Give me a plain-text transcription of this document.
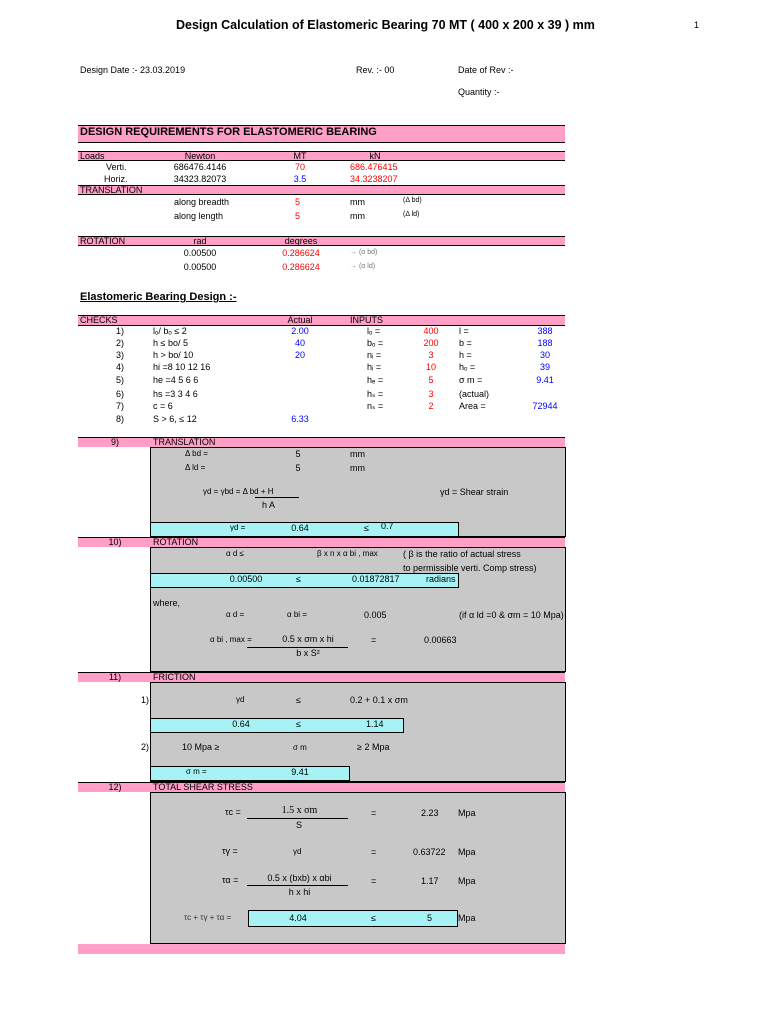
Design Calculation of Elastomeric Bearing 70 MT ( 400 x 200 x 39 ) mm	1
Design Date :- 23.03.2019	Rev. :- 00	Date of Rev :-
Quantity :-
DESIGN REQUIREMENTS FOR ELASTOMERIC BEARING
Loads	Newton	MT	kN
Verti.	686476.4146	70	686.476415
Horiz.	34323.82073	3.5	34.3238207
TRANSLATION
along breadth	5	mm	(Δ bd)
along length	5	mm	(Δ ld)
ROTATION	rad	degrees
0.00500	0.286624	→ (α bd)
0.00500	0.286624	→ (α ld)
Elastomeric Bearing Design :-
CHECKS	Actual	INPUTS
1)	lₒ/ bₒ ≤ 2	2.00	lₒ =	400	l =	388
2)	h ≤ bo/ 5	40	bₒ =	200	b =	188
3)	h > bo/ 10	20	nᵢ =	3	h =	30
4)	hi =8 10 12 16	hᵢ =	10	hₒ =	39
5)	he =4 5 6 6	hₑ =	5	σ m =	9.41
6)	hs =3 3 4 6	hₛ =	3	(actual)
7)	c = 6	nₛ =	2	Area =	72944
8)	S > 6, ≤ 12	6.33
9)	TRANSLATION
Δ bd =	5	mm
Δ ld =	5	mm
γd = γbd = Δ bd + H
h A
γd = Shear strain
γd =	0.64	≤ 0.7
10)	ROTATION
α d ≤	β x n x α bi , max	( β is the ratio of actual stress
to permissible verti. Comp stress)
0.00500	≤	0.01872817	radians
where,
α d =	α bi =	0.005	(if α ld =0 & σm = 10 Mpa)
α bi , max =	0.5 x σm x hi
b x S²
=	0.00663
11)	FRICTION
1)	γd	≤	0.2 + 0.1 x σm
0.64	≤	1.14
2)	10 Mpa ≥	σ m	≥ 2 Mpa
σ m =	9.41
12)	TOTAL SHEAR STRESS
τc =	1.5 x σm
S
=	2.23 Mpa
τγ =	γd	=	0.63722 Mpa
τα =	0.5 x (bxb) x αbi
h x hi
=	1.17 Mpa
τc + τγ + τα =	4.04	≤	5	Mpa
